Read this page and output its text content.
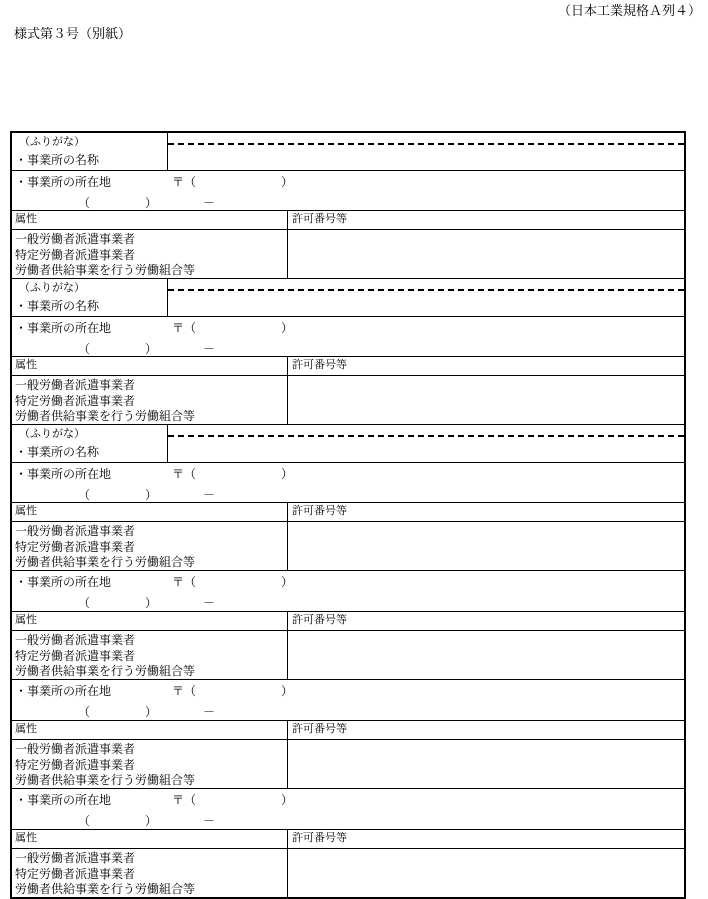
（日本工業規格Ａ列４）
様式第３号（別紙）
（ふりがな）
・事業所の名称
・事業所の所在地	〒（	）
（	）	－
属性	許可番号等
一般労働者派遣事業者
特定労働者派遣事業者
労働者供給事業を行う労働組合等
（ふりがな）
・事業所の名称
・事業所の所在地	〒（	）
（	）	－
属性	許可番号等
一般労働者派遣事業者
特定労働者派遣事業者
労働者供給事業を行う労働組合等
（ふりがな）
・事業所の名称
・事業所の所在地	〒（	）
（	）	－
属性	許可番号等
一般労働者派遣事業者
特定労働者派遣事業者
労働者供給事業を行う労働組合等
・事業所の所在地	〒（	）
（	）	－
属性	許可番号等
一般労働者派遣事業者
特定労働者派遣事業者
労働者供給事業を行う労働組合等
・事業所の所在地	〒（	）
（	）	－
属性	許可番号等
一般労働者派遣事業者
特定労働者派遣事業者
労働者供給事業を行う労働組合等
・事業所の所在地	〒（	）
（	）	－
属性	許可番号等
一般労働者派遣事業者
特定労働者派遣事業者
労働者供給事業を行う労働組合等
